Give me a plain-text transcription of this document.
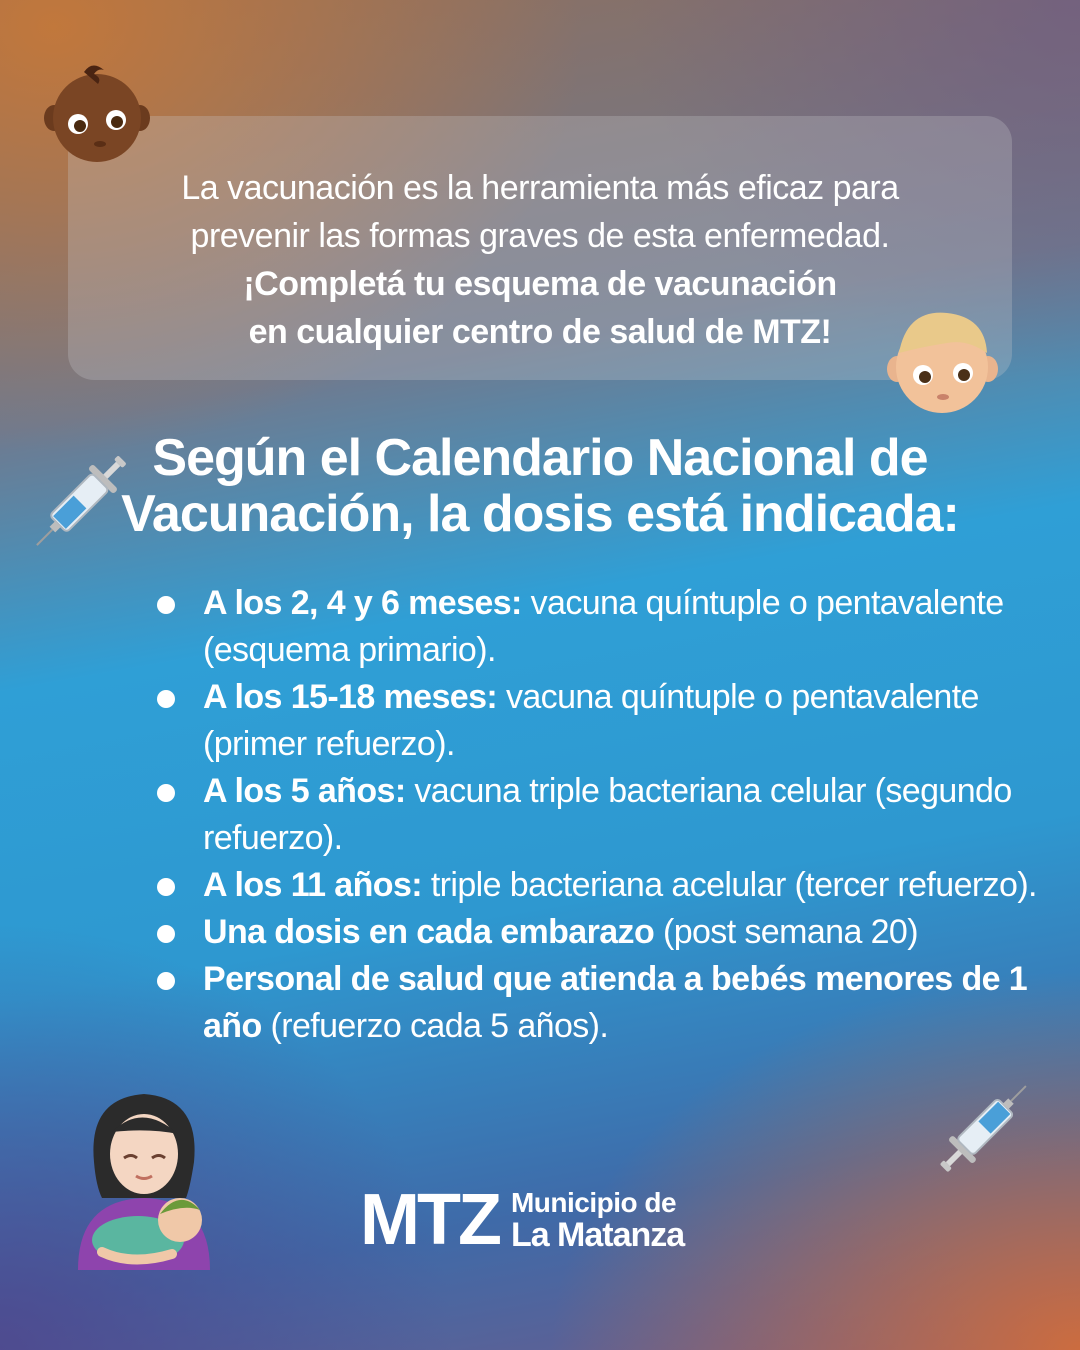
La vacunación es la herramienta más eficaz para
prevenir las formas graves de esta enfermedad.
¡Completá tu esquema de vacunación
en cualquier centro de salud de MTZ!
Según el Calendario Nacional de
Vacunación, la dosis está indicada:
A los 2, 4 y 6 meses: vacuna quíntuple o pentavalente (esquema primario).
A los 15-18 meses: vacuna quíntuple o pentavalente (primer refuerzo).
A los 5 años: vacuna triple bacteriana celular (segundo refuerzo).
A los 11 años: triple bacteriana acelular (tercer refuerzo).
Una dosis en cada embarazo (post semana 20)
Personal de salud que atienda a bebés menores de 1 año (refuerzo cada 5 años).
MTZ Municipio de
La Matanza
